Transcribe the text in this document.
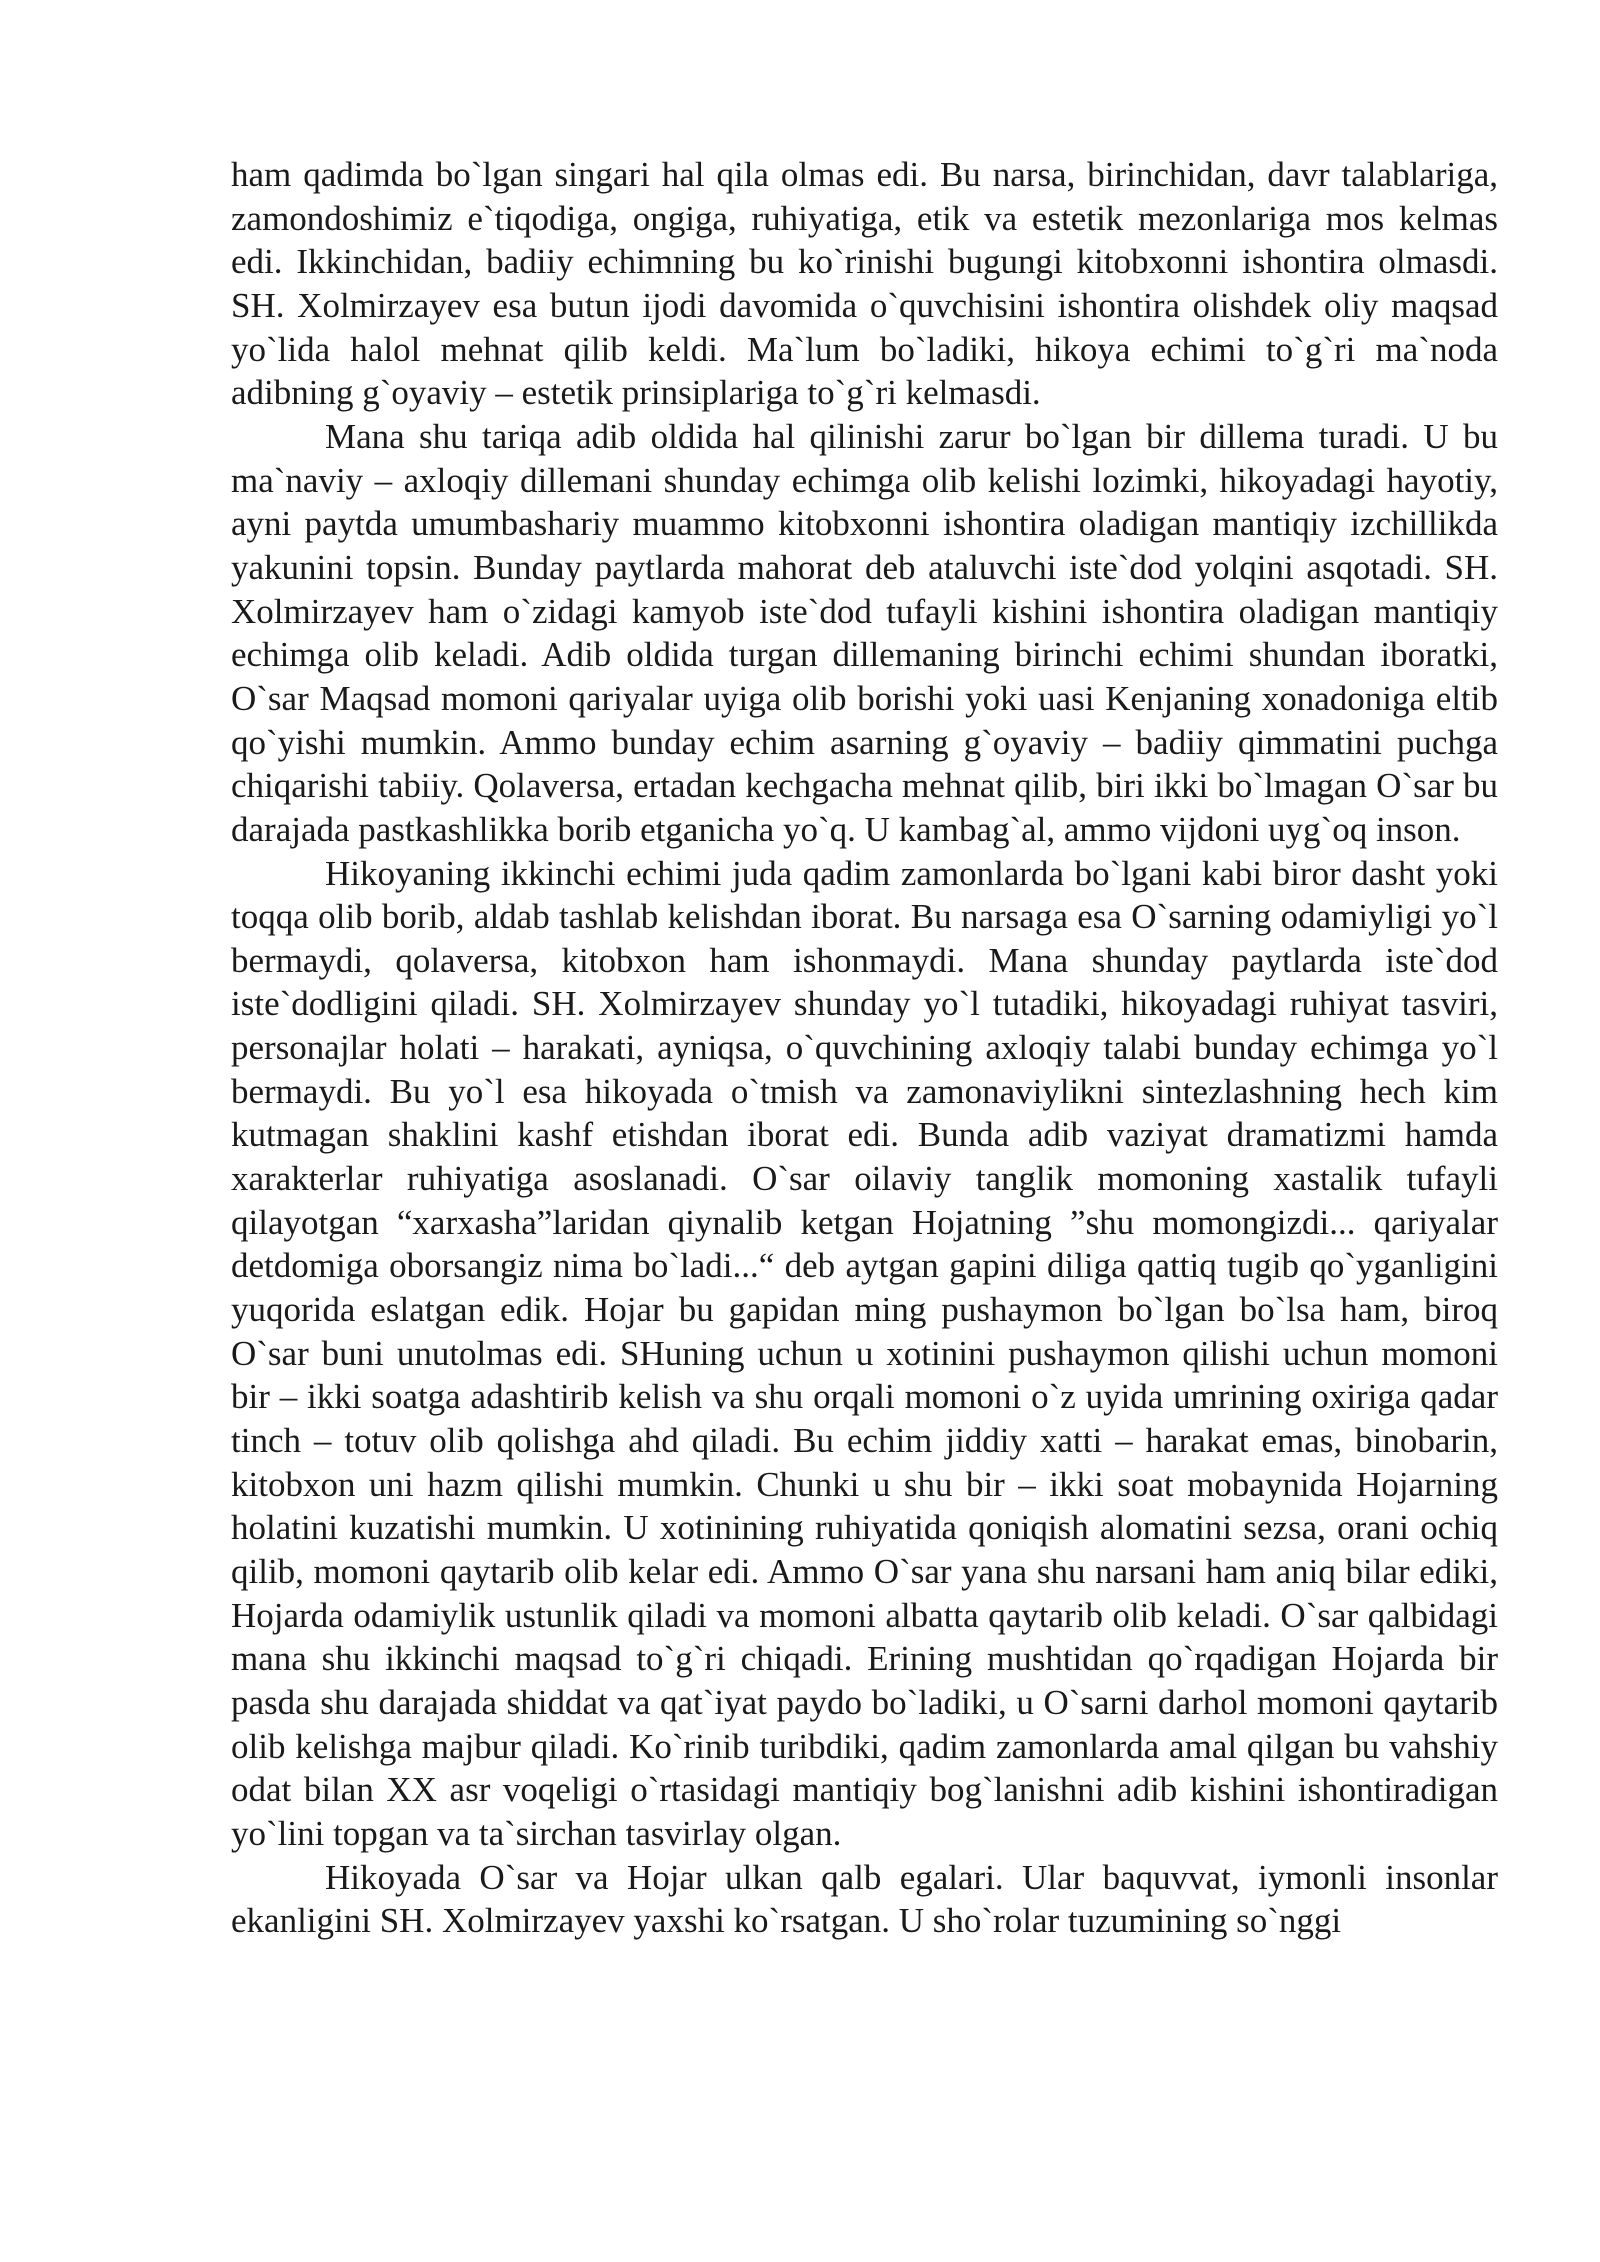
ham qadimda bo`lgan singari hal qila olmas edi. Bu narsa, birinchidan, davr talablariga, zamondoshimiz e`tiqodiga, ongiga, ruhiyatiga, etik va estetik mezonlariga mos kelmas edi. Ikkinchidan, badiiy echimning bu ko`rinishi bugungi kitobxonni ishontira olmasdi. SH. Xolmirzayev esa butun ijodi davomida o`quvchisini ishontira olishdek oliy maqsad yo`lida halol mehnat qilib keldi. Ma`lum bo`ladiki, hikoya echimi to`g`ri ma`noda adibning g`oyaviy – estetik prinsiplariga to`g`ri kelmasdi.

Mana shu tariqa adib oldida hal qilinishi zarur bo`lgan bir dillema turadi. U bu ma`naviy – axloqiy dillemani shunday echimga olib kelishi lozimki, hikoyadagi hayotiy, ayni paytda umumbashariy muammo kitobxonni ishontira oladigan mantiqiy izchillikda yakunini topsin. Bunday paytlarda mahorat deb ataluvchi iste`dod yolqini asqotadi. SH. Xolmirzayev ham o`zidagi kamyob iste`dod tufayli kishini ishontira oladigan mantiqiy echimga olib keladi. Adib oldida turgan dillemaning birinchi echimi shundan iboratki, O`sar Maqsad momoni qariyalar uyiga olib borishi yoki uasi Kenjaning xonadoniga eltib qo`yishi mumkin. Ammo bunday echim asarning g`oyaviy – badiiy qimmatini puchga chiqarishi tabiiy. Qolaversa, ertadan kechgacha mehnat qilib, biri ikki bo`lmagan O`sar bu darajada pastkashlikka borib etganicha yo`q. U kambag`al, ammo vijdoni uyg`oq inson.

Hikoyaning ikkinchi echimi juda qadim zamonlarda bo`lgani kabi biror dasht yoki toqqa olib borib, aldab tashlab kelishdan iborat. Bu narsaga esa O`sarning odamiyligi yo`l bermaydi, qolaversa, kitobxon ham ishonmaydi. Mana shunday paytlarda iste`dod iste`dodligini qiladi. SH. Xolmirzayev shunday yo`l tutadiki, hikoyadagi ruhiyat tasviri, personajlar holati – harakati, ayniqsa, o`quvchining axloqiy talabi bunday echimga yo`l bermaydi. Bu yo`l esa hikoyada o`tmish va zamonaviylikni sintezlashning hech kim kutmagan shaklini kashf etishdan iborat edi. Bunda adib vaziyat dramatizmi hamda xarakterlar ruhiyatiga asoslanadi. O`sar oilaviy tanglik momoning xastalik tufayli qilayotgan “xarxasha”laridan qiynalib ketgan Hojatning ”shu momongizdi... qariyalar detdomiga oborsangiz nima bo`ladi...“ deb aytgan gapini diliga qattiq tugib qo`yganligini yuqorida eslatgan edik. Hojar bu gapidan ming pushaymon bo`lgan bo`lsa ham, biroq O`sar buni unutolmas edi. SHuning uchun u xotinini pushaymon qilishi uchun momoni bir – ikki soatga adashtirib kelish va shu orqali momoni o`z uyida umrining oxiriga qadar tinch – totuv olib qolishga ahd qiladi. Bu echim jiddiy xatti – harakat emas, binobarin, kitobxon uni hazm qilishi mumkin. Chunki u shu bir – ikki soat mobaynida Hojarning holatini kuzatishi mumkin. U xotinining ruhiyatida qoniqish alomatini sezsa, orani ochiq qilib, momoni qaytarib olib kelar edi. Ammo O`sar yana shu narsani ham aniq bilar ediki, Hojarda odamiylik ustunlik qiladi va momoni albatta qaytarib olib keladi. O`sar qalbidagi mana shu ikkinchi maqsad to`g`ri chiqadi. Erining mushtidan qo`rqadigan Hojarda bir pasda shu darajada shiddat va qat`iyat paydo bo`ladiki, u O`sarni darhol momoni qaytarib olib kelishga majbur qiladi. Ko`rinib turibdiki, qadim zamonlarda amal qilgan bu vahshiy odat bilan XX asr voqeligi o`rtasidagi mantiqiy bog`lanishni adib kishini ishontiradigan yo`lini topgan va ta`sirchan tasvirlay olgan.

Hikoyada O`sar va Hojar ulkan qalb egalari. Ular baquvvat, iymonli insonlar ekanligini SH. Xolmirzayev yaxshi ko`rsatgan. U sho`rolar tuzumining so`nggi
